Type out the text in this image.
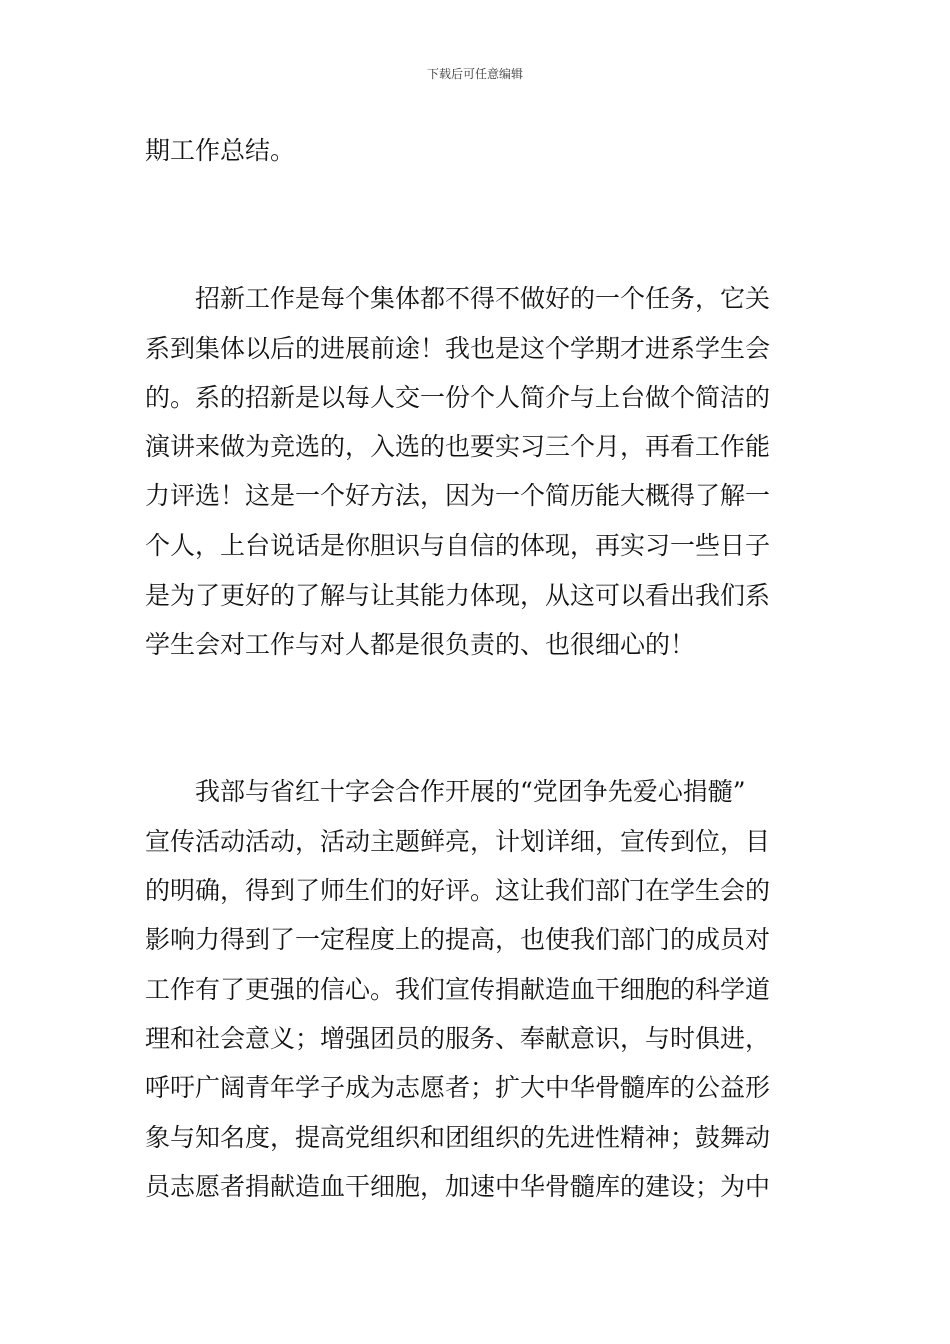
下载后可任意编辑
期工作总结。
　　招新工作是每个集体都不得不做好的一个任务，它关
系到集体以后的进展前途！我也是这个学期才进系学生会
的。系的招新是以每人交一份个人简介与上台做个简洁的
演讲来做为竞选的，入选的也要实习三个月，再看工作能
力评选！这是一个好方法，因为一个简历能大概得了解一
个人，上台说话是你胆识与自信的体现，再实习一些日子
是为了更好的了解与让其能力体现，从这可以看出我们系
学生会对工作与对人都是很负责的、也很细心的！
　　我部与省红十字会合作开展的“党团争先爱心捐髓”
宣传活动活动，活动主题鲜亮，计划详细，宣传到位，目
的明确，得到了师生们的好评。这让我们部门在学生会的
影响力得到了一定程度上的提高，也使我们部门的成员对
工作有了更强的信心。我们宣传捐献造血干细胞的科学道
理和社会意义；增强团员的服务、奉献意识，与时俱进，
呼吁广阔青年学子成为志愿者；扩大中华骨髓库的公益形
象与知名度，提高党组织和团组织的先进性精神；鼓舞动
员志愿者捐献造血干细胞，加速中华骨髓库的建设；为中
